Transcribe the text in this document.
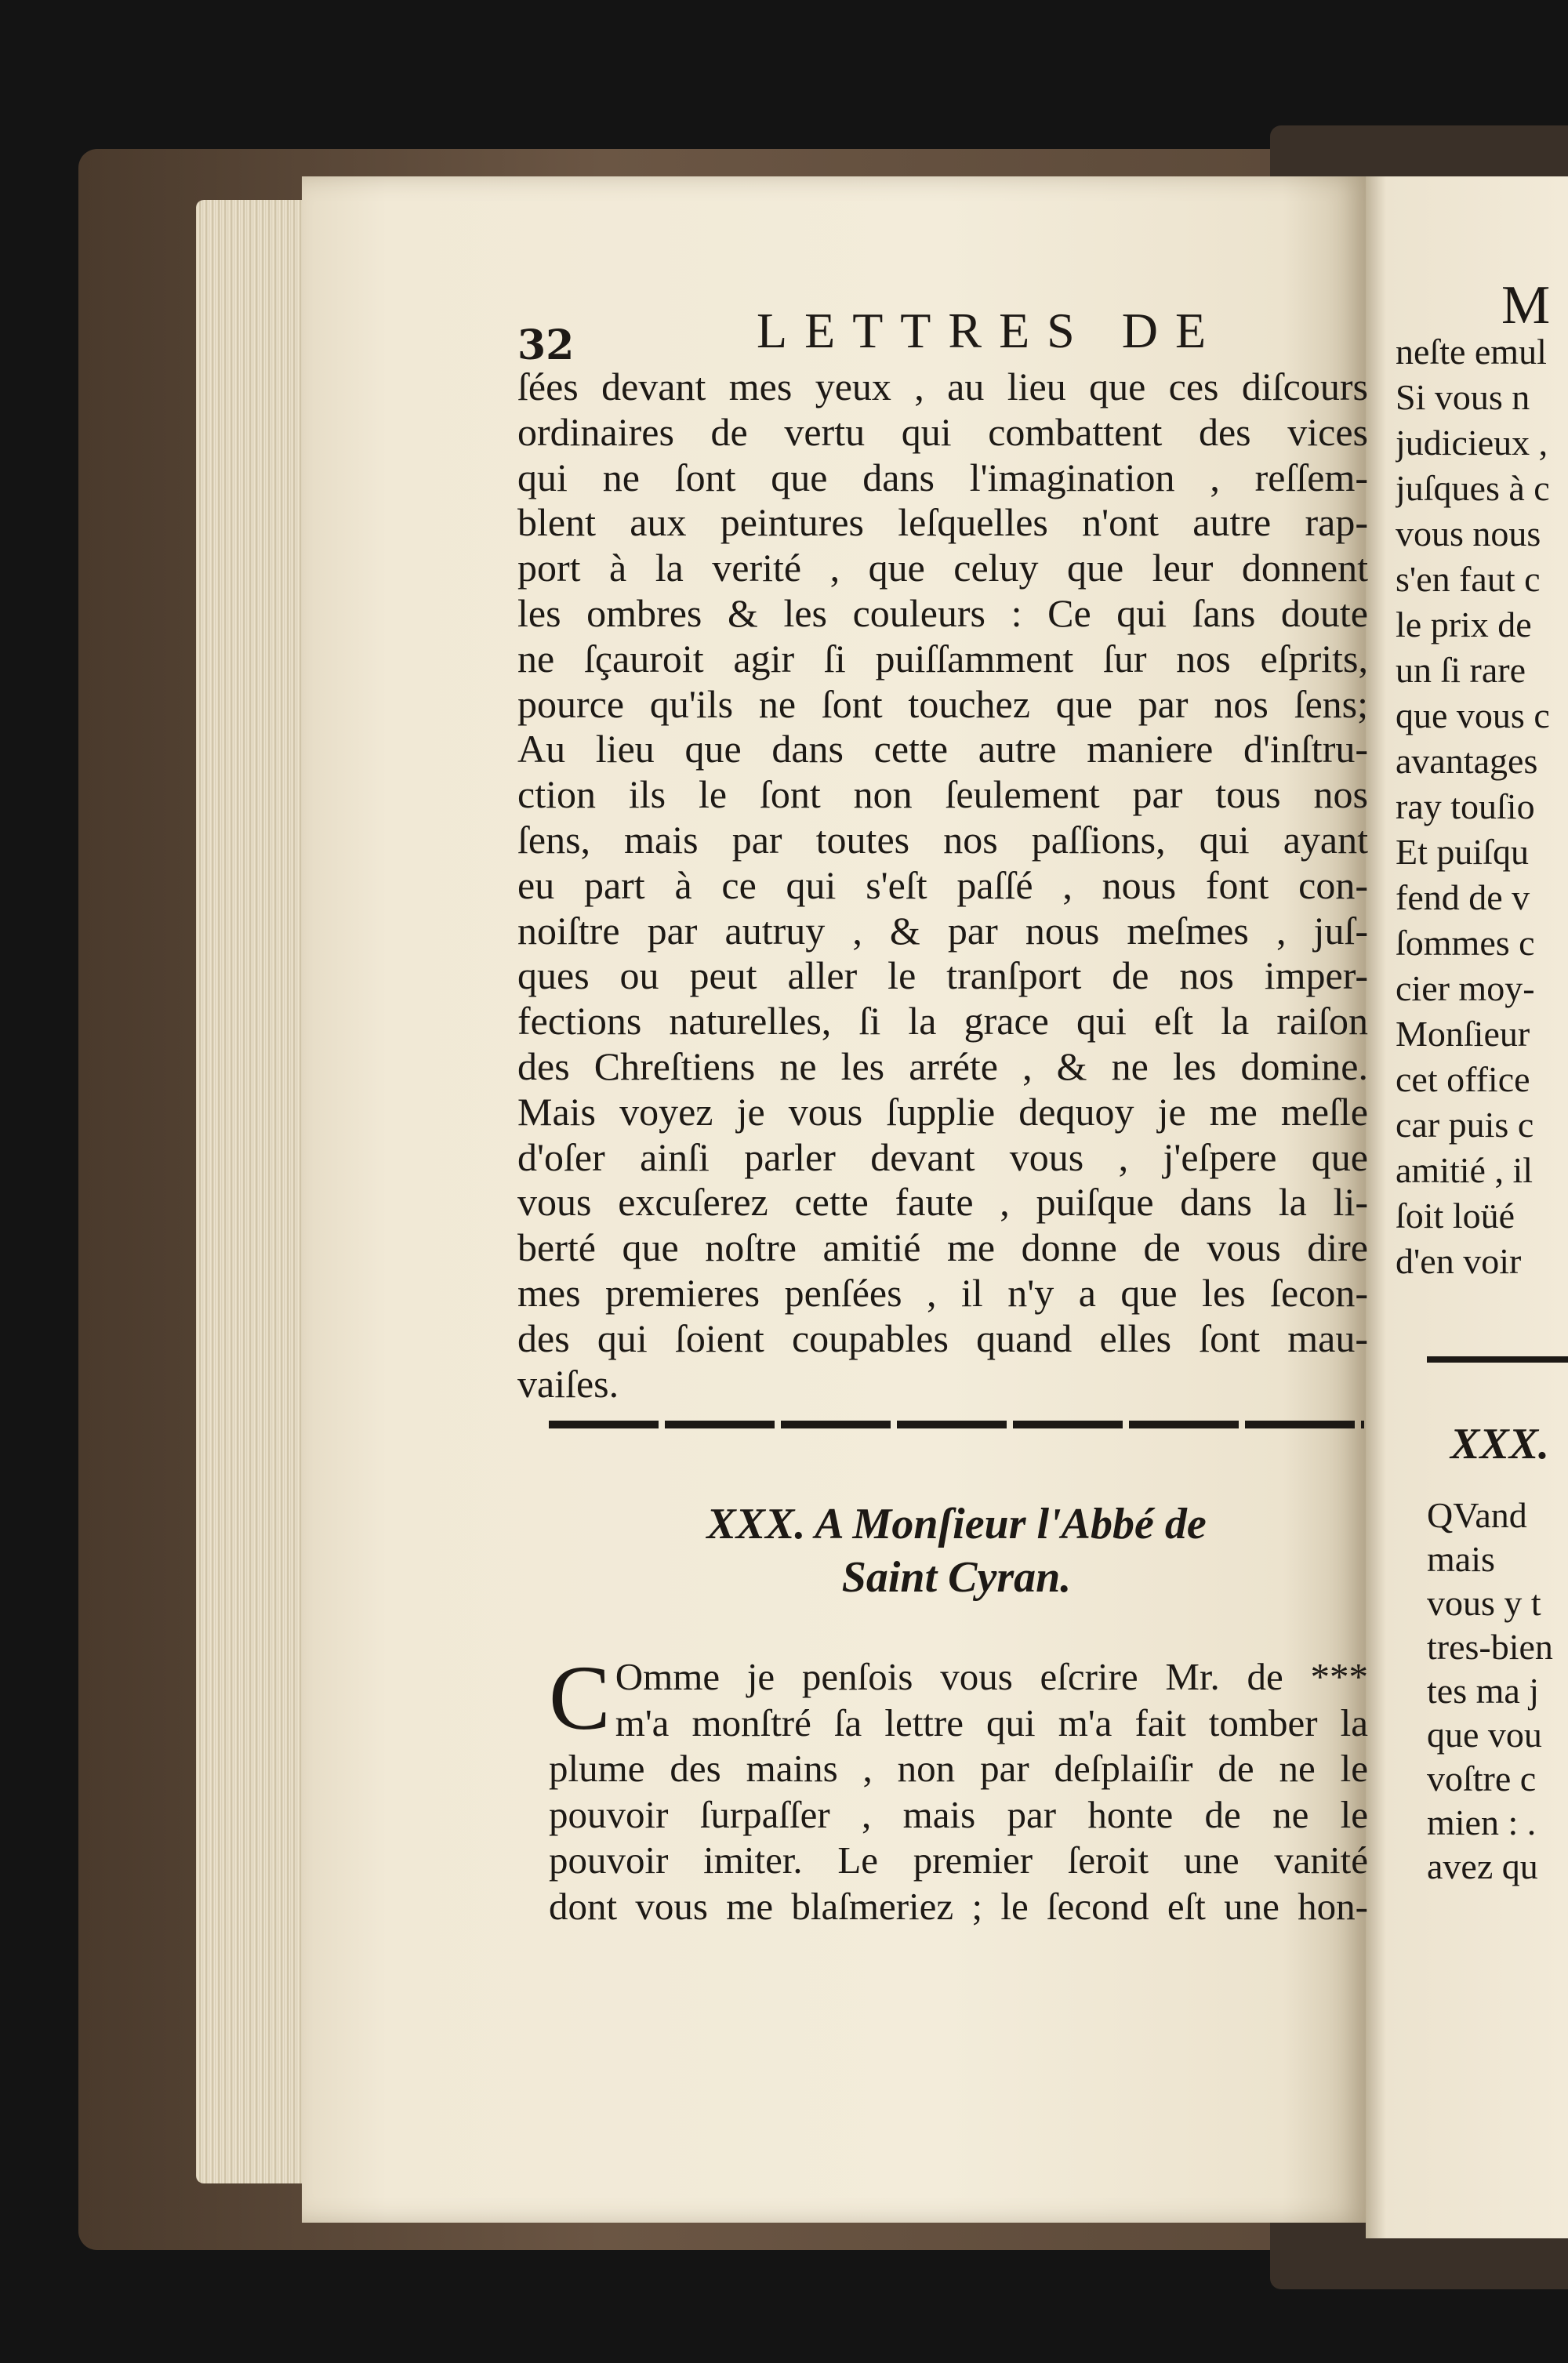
32	LETTRES DE
ſées devant mes yeux , au lieu que ces diſcours
ordinaires de vertu qui combattent des vices
qui ne ſont que dans l'imagination , reſſem-
blent aux peintures leſquelles n'ont autre rap-
port à la verité , que celuy que leur donnent
les ombres & les couleurs : Ce qui ſans doute
ne ſçauroit agir ſi puiſſamment ſur nos eſprits,
pource qu'ils ne ſont touchez que par nos ſens;
Au lieu que dans cette autre maniere d'inſtru-
ction ils le ſont non ſeulement par tous nos
ſens, mais par toutes nos paſſions, qui ayant
eu part à ce qui s'eſt paſſé , nous font con-
noiſtre par autruy , & par nous meſmes , juſ-
ques ou peut aller le tranſport de nos imper-
fections naturelles, ſi la grace qui eſt la raiſon
des Chreſtiens ne les arréte , & ne les domine.
Mais voyez je vous ſupplie dequoy je me meſle
d'oſer ainſi parler devant vous , j'eſpere que
vous excuſerez cette faute , puiſque dans la li-
berté que noſtre amitié me donne de vous dire
mes premieres penſées , il n'y a que les ſecon-
des qui ſoient coupables quand elles ſont mau-
vaiſes.
XXX. A Monſieur l'Abbé de
Saint Cyran.
C Omme je penſois vous eſcrire Mr. de ***
m'a monſtré ſa lettre qui m'a fait tomber la
plume des mains , non par deſplaiſir de ne le
pouvoir ſurpaſſer , mais par honte de ne le
pouvoir imiter. Le premier ſeroit une vanité
dont vous me blaſmeriez ; le ſecond eſt une hon-
M
neſte emul
Si vous n
judicieux ,
juſques à c
vous nous
s'en faut c
le prix de
un ſi rare
que vous c
avantages
ray touſio
Et puiſqu
fend de v
ſommes c
cier moy-
Monſieur
cet office
car puis c
amitié , il
ſoit loüé
d'en voir
XXX.
QVand
mais
vous y t
tres-bien
tes ma j
que vou
voſtre c
mien : .
avez qu
